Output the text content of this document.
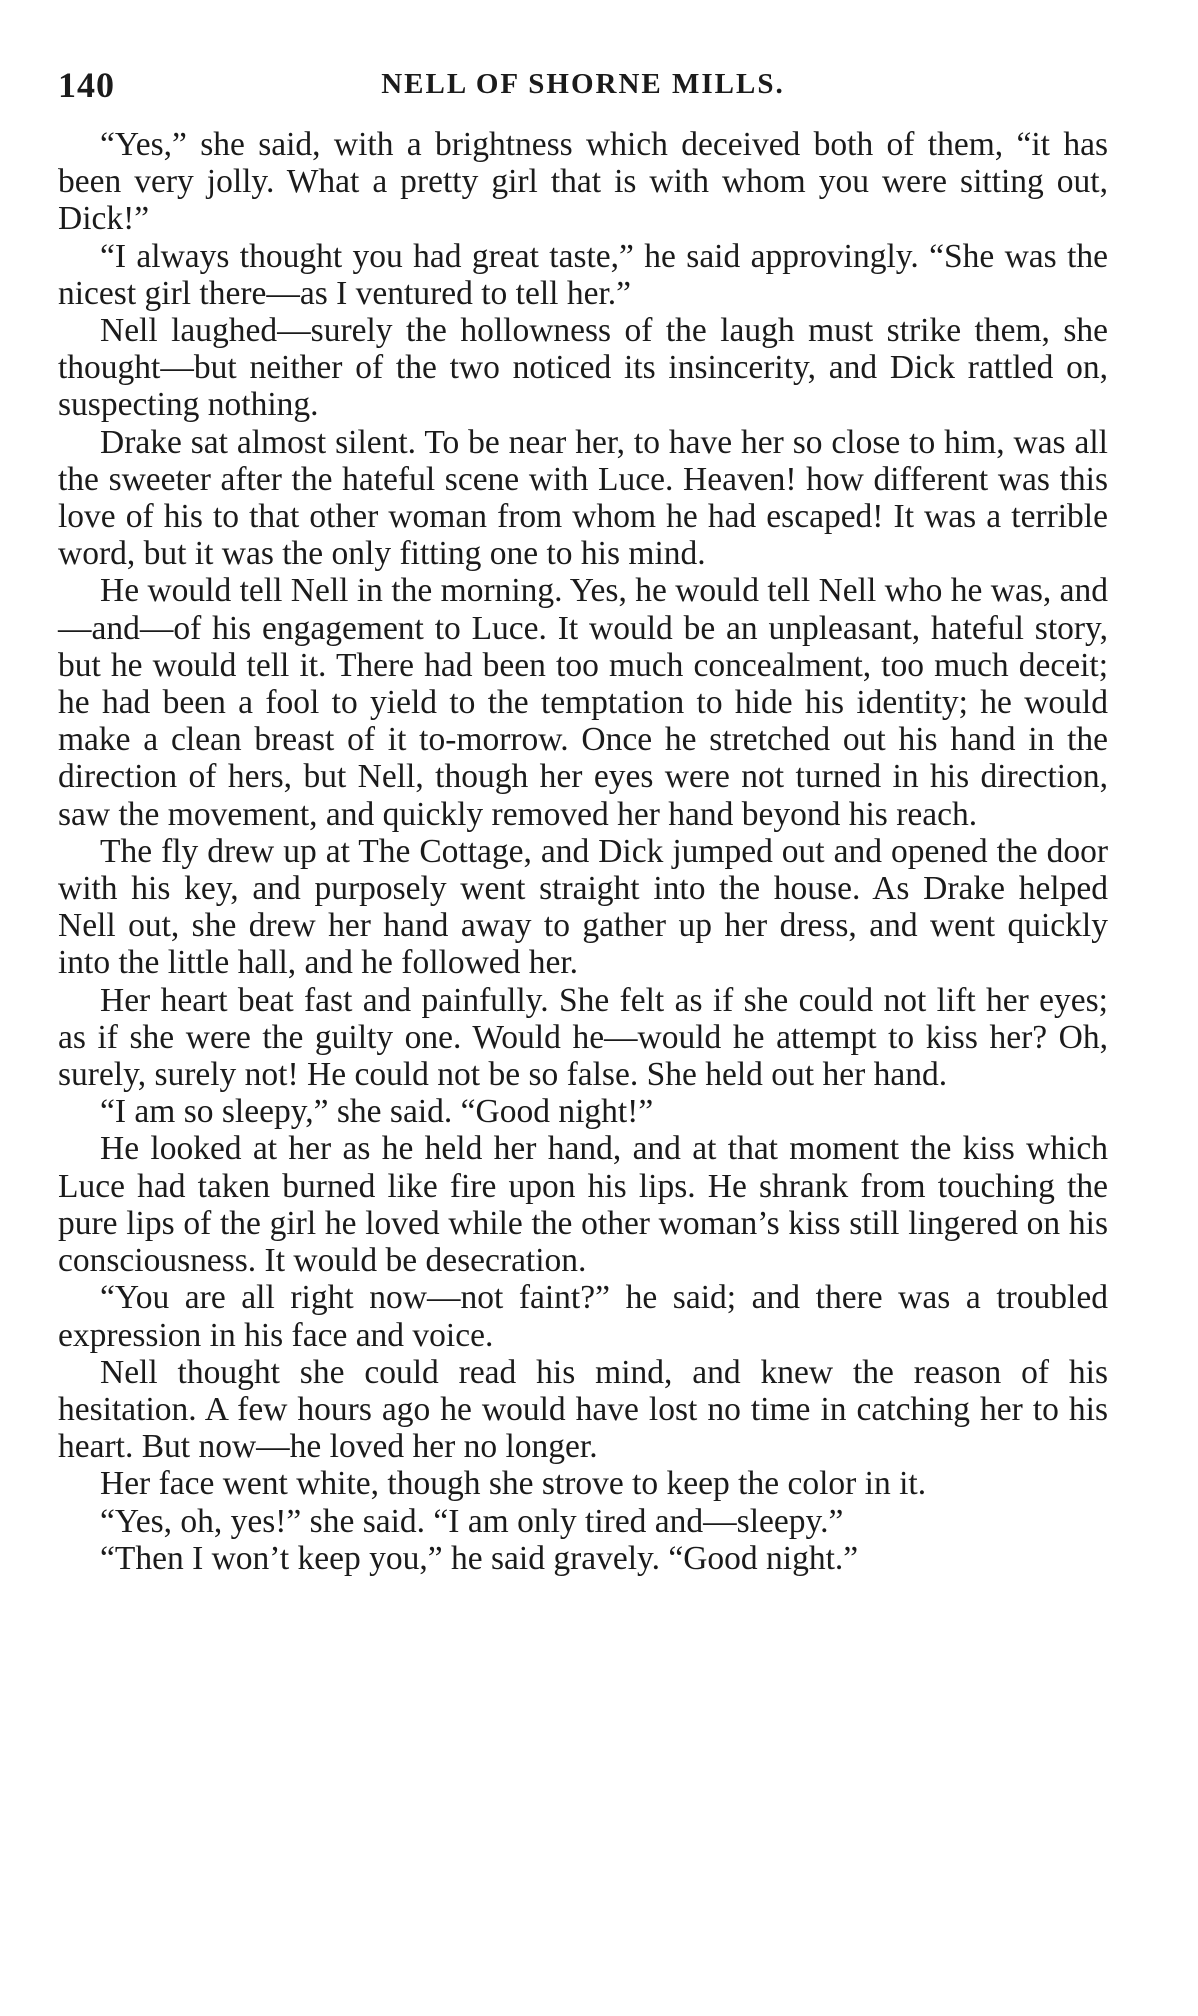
140	NELL OF SHORNE MILLS.

“Yes,” she said, with a brightness which deceived both of them, “it has been very jolly. What a pretty girl that is with whom you were sitting out, Dick!”

“I always thought you had great taste,” he said approvingly. “She was the nicest girl there—as I ventured to tell her.”

Nell laughed—surely the hollowness of the laugh must strike them, she thought—but neither of the two noticed its insincerity, and Dick rattled on, suspecting nothing.

Drake sat almost silent. To be near her, to have her so close to him, was all the sweeter after the hateful scene with Luce. Heaven! how different was this love of his to that other woman from whom he had escaped! It was a terrible word, but it was the only fitting one to his mind.

He would tell Nell in the morning. Yes, he would tell Nell who he was, and—and—of his engagement to Luce. It would be an unpleasant, hateful story, but he would tell it. There had been too much concealment, too much deceit; he had been a fool to yield to the temptation to hide his identity; he would make a clean breast of it to-morrow. Once he stretched out his hand in the direction of hers, but Nell, though her eyes were not turned in his direction, saw the movement, and quickly removed her hand beyond his reach.

The fly drew up at The Cottage, and Dick jumped out and opened the door with his key, and purposely went straight into the house. As Drake helped Nell out, she drew her hand away to gather up her dress, and went quickly into the little hall, and he followed her.

Her heart beat fast and painfully. She felt as if she could not lift her eyes; as if she were the guilty one. Would he—would he attempt to kiss her? Oh, surely, surely not! He could not be so false. She held out her hand.

“I am so sleepy,” she said. “Good night!”

He looked at her as he held her hand, and at that moment the kiss which Luce had taken burned like fire upon his lips. He shrank from touching the pure lips of the girl he loved while the other woman’s kiss still lingered on his consciousness. It would be desecration.

“You are all right now—not faint?” he said; and there was a troubled expression in his face and voice.

Nell thought she could read his mind, and knew the reason of his hesitation. A few hours ago he would have lost no time in catching her to his heart. But now—he loved her no longer.

Her face went white, though she strove to keep the color in it.

“Yes, oh, yes!” she said. “I am only tired and—sleepy.”

“Then I won’t keep you,” he said gravely. “Good night.”
